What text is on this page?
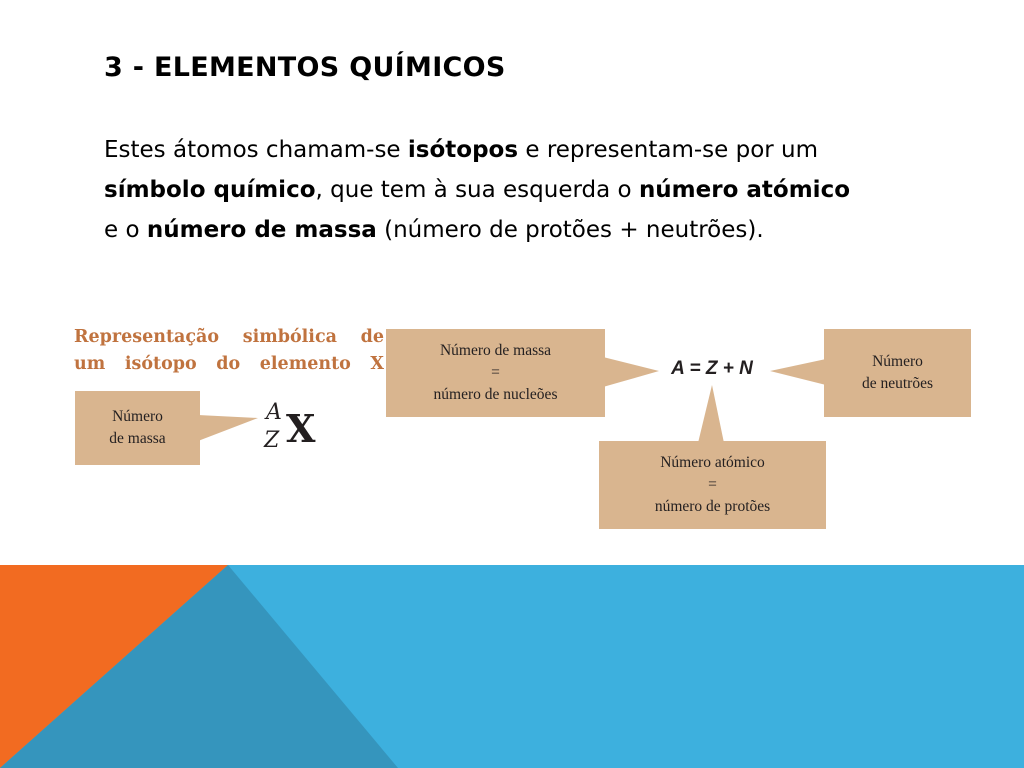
3 - ELEMENTOS QUÍMICOS

Estes átomos chamam-se isótopos e representam-se por um
símbolo químico, que tem à sua esquerda o número atómico
e o número de massa (número de protões + neutrões).

Representação simbólica de
um isótopo do elemento X
Número
de massa
A
Z X
Número de massa
=
número de nucleões
A = Z + N	Número
de neutrões
Número atómico
=
número de protões
